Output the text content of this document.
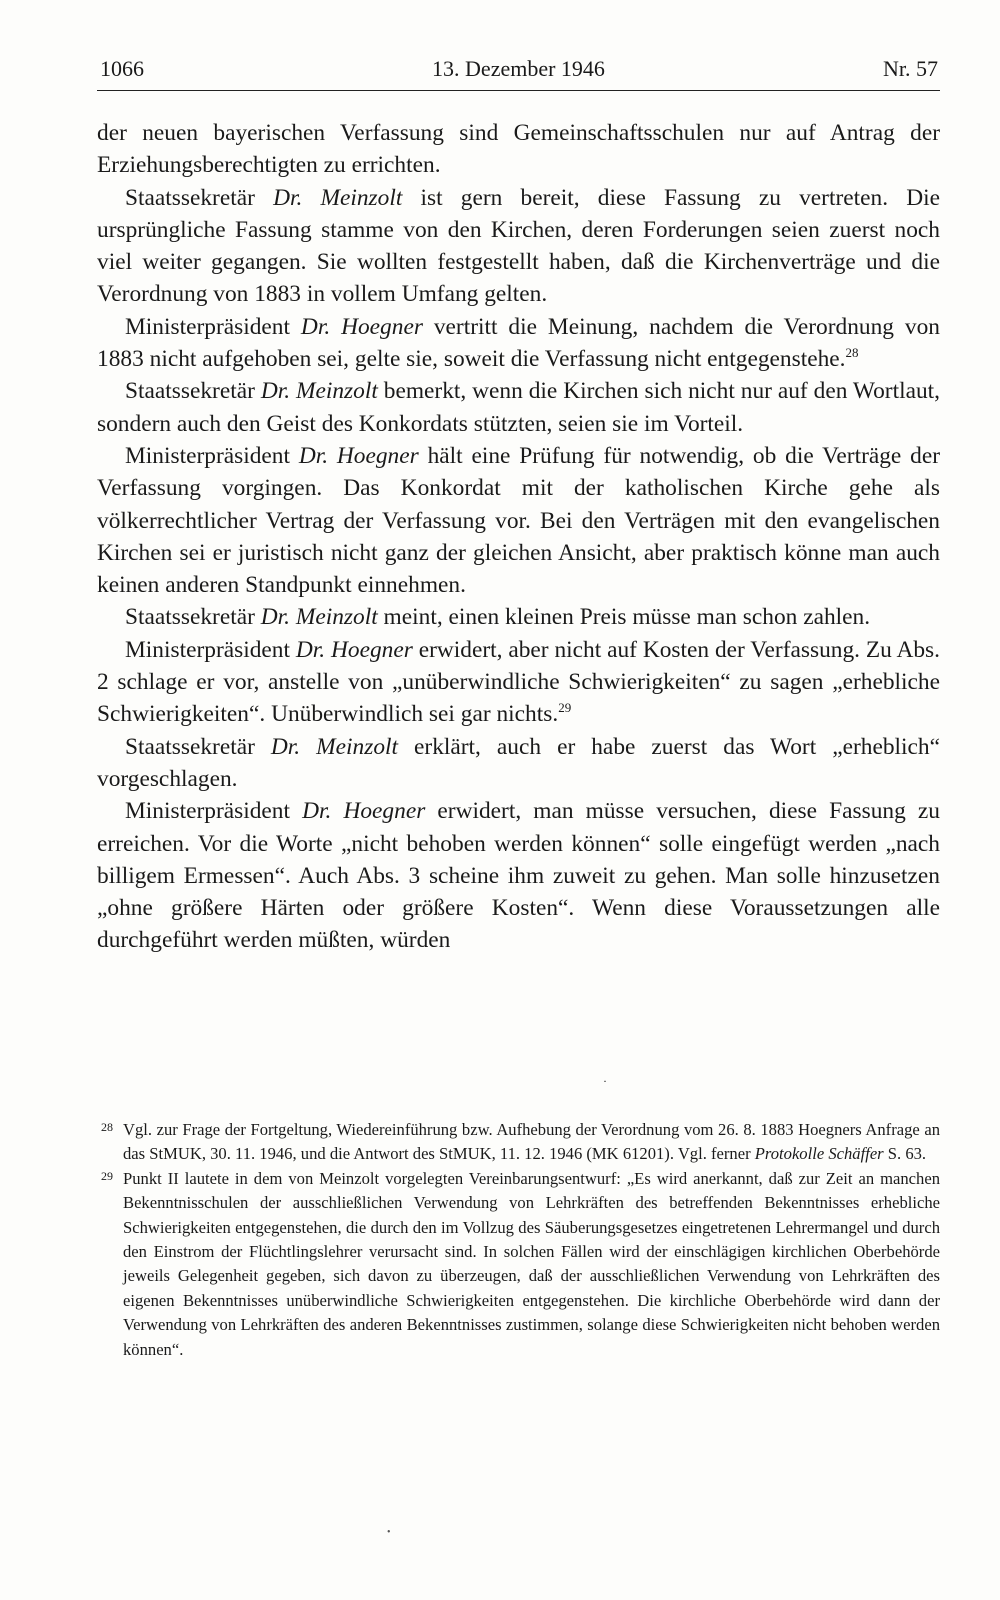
1066	13. Dezember 1946	Nr. 57

der neuen bayerischen Verfassung sind Gemeinschaftsschulen nur auf Antrag der Erziehungsberechtigten zu errichten.

Staatssekretär Dr. Meinzolt ist gern bereit, diese Fassung zu vertreten. Die ursprüngliche Fassung stamme von den Kirchen, deren Forderungen seien zuerst noch viel weiter gegangen. Sie wollten festgestellt haben, daß die Kirchenverträge und die Verordnung von 1883 in vollem Umfang gelten.

Ministerpräsident Dr. Hoegner vertritt die Meinung, nachdem die Verordnung von 1883 nicht aufgehoben sei, gelte sie, soweit die Verfassung nicht entgegenstehe.$^{28}$

Staatssekretär Dr. Meinzolt bemerkt, wenn die Kirchen sich nicht nur auf den Wortlaut, sondern auch den Geist des Konkordats stützten, seien sie im Vorteil.

Ministerpräsident Dr. Hoegner hält eine Prüfung für notwendig, ob die Verträge der Verfassung vorgingen. Das Konkordat mit der katholischen Kirche gehe als völkerrechtlicher Vertrag der Verfassung vor. Bei den Verträgen mit den evangelischen Kirchen sei er juristisch nicht ganz der gleichen Ansicht, aber praktisch könne man auch keinen anderen Standpunkt einnehmen.

Staatssekretär Dr. Meinzolt meint, einen kleinen Preis müsse man schon zahlen.

Ministerpräsident Dr. Hoegner erwidert, aber nicht auf Kosten der Verfassung. Zu Abs. 2 schlage er vor, anstelle von „unüberwindliche Schwierigkeiten“ zu sagen „erhebliche Schwierigkeiten“. Unüberwindlich sei gar nichts.$^{29}$

Staatssekretär Dr. Meinzolt erklärt, auch er habe zuerst das Wort „erheblich“ vorgeschlagen.

Ministerpräsident Dr. Hoegner erwidert, man müsse versuchen, diese Fassung zu erreichen. Vor die Worte „nicht behoben werden können“ solle eingefügt werden „nach billigem Ermessen“. Auch Abs. 3 scheine ihm zuweit zu gehen. Man solle hinzusetzen „ohne größere Härten oder größere Kosten“. Wenn diese Voraussetzungen alle durchgeführt werden müßten, würden

·

28 Vgl. zur Frage der Fortgeltung, Wiedereinführung bzw. Aufhebung der Verordnung vom 26. 8. 1883 Hoegners Anfrage an das StMUK, 30. 11. 1946, und die Antwort des StMUK, 11. 12. 1946 (MK 61201). Vgl. ferner Protokolle Schäffer S. 63.

29 Punkt II lautete in dem von Meinzolt vorgelegten Vereinbarungsentwurf: „Es wird anerkannt, daß zur Zeit an manchen Bekenntnisschulen der ausschließlichen Verwendung von Lehrkräften des betreffenden Bekenntnisses erhebliche Schwierigkeiten entgegenstehen, die durch den im Vollzug des Säuberungsgesetzes eingetretenen Lehrermangel und durch den Einstrom der Flüchtlingslehrer verursacht sind. In solchen Fällen wird der einschlägigen kirchlichen Oberbehörde jeweils Gelegenheit gegeben, sich davon zu überzeugen, daß der ausschließlichen Verwendung von Lehrkräften des eigenen Bekenntnisses unüberwindliche Schwierigkeiten entgegenstehen. Die kirchliche Oberbehörde wird dann der Verwendung von Lehrkräften des anderen Bekenntnisses zustimmen, solange diese Schwierigkeiten nicht behoben werden können“.

•
